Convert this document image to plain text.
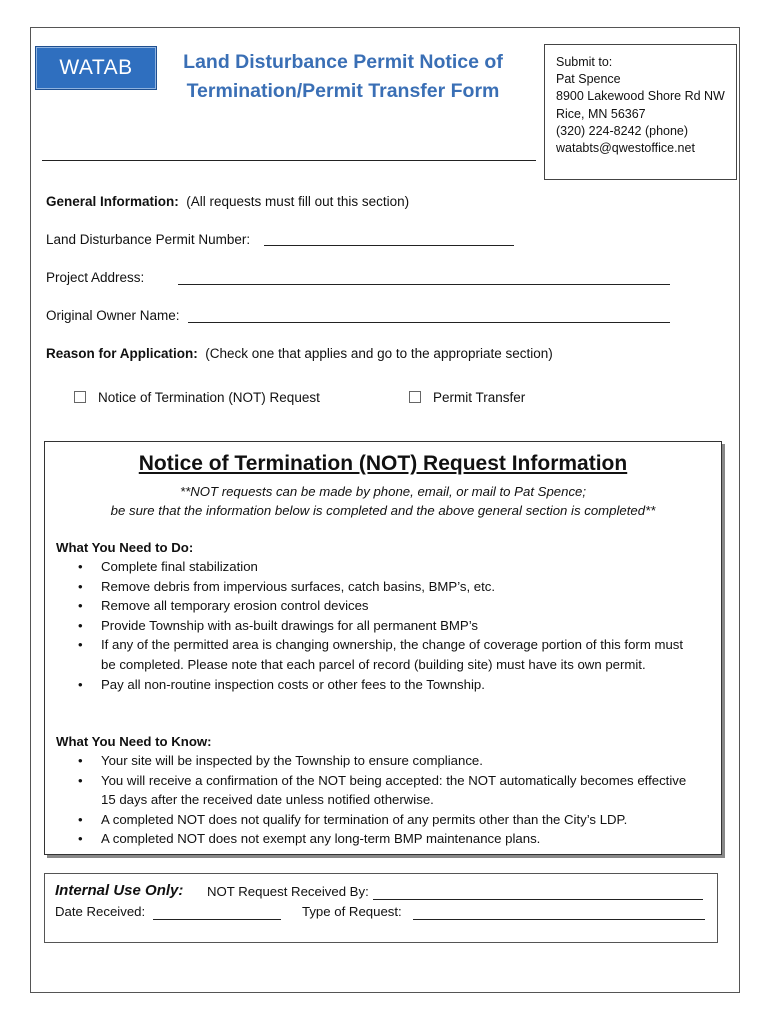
WATAB	Land Disturbance Permit Notice of
Termination/Permit Transfer Form
Submit to:
Pat Spence
8900 Lakewood Shore Rd NW
Rice, MN 56367
(320) 224-8242 (phone)
watabts@qwestoffice.net
General Information: (All requests must fill out this section)
Land Disturbance Permit Number:
Project Address:
Original Owner Name:
Reason for Application: (Check one that applies and go to the appropriate section)
Notice of Termination (NOT) Request	Permit Transfer
Notice of Termination (NOT) Request Information
**NOT requests can be made by phone, email, or mail to Pat Spence;
be sure that the information below is completed and the above general section is completed**
What You Need to Do:
• Complete final stabilization
• Remove debris from impervious surfaces, catch basins, BMP’s, etc.
• Remove all temporary erosion control devices
• Provide Township with as-built drawings for all permanent BMP’s
• If any of the permitted area is changing ownership, the change of coverage portion of this form must be completed. Please note that each parcel of record (building site) must have its own permit.
• Pay all non-routine inspection costs or other fees to the Township.
What You Need to Know:
• Your site will be inspected by the Township to ensure compliance.
• You will receive a confirmation of the NOT being accepted: the NOT automatically becomes effective 15 days after the received date unless notified otherwise.
• A completed NOT does not qualify for termination of any permits other than the City’s LDP.
• A completed NOT does not exempt any long-term BMP maintenance plans.
Internal Use Only: NOT Request Received By:
Date Received:	Type of Request:
